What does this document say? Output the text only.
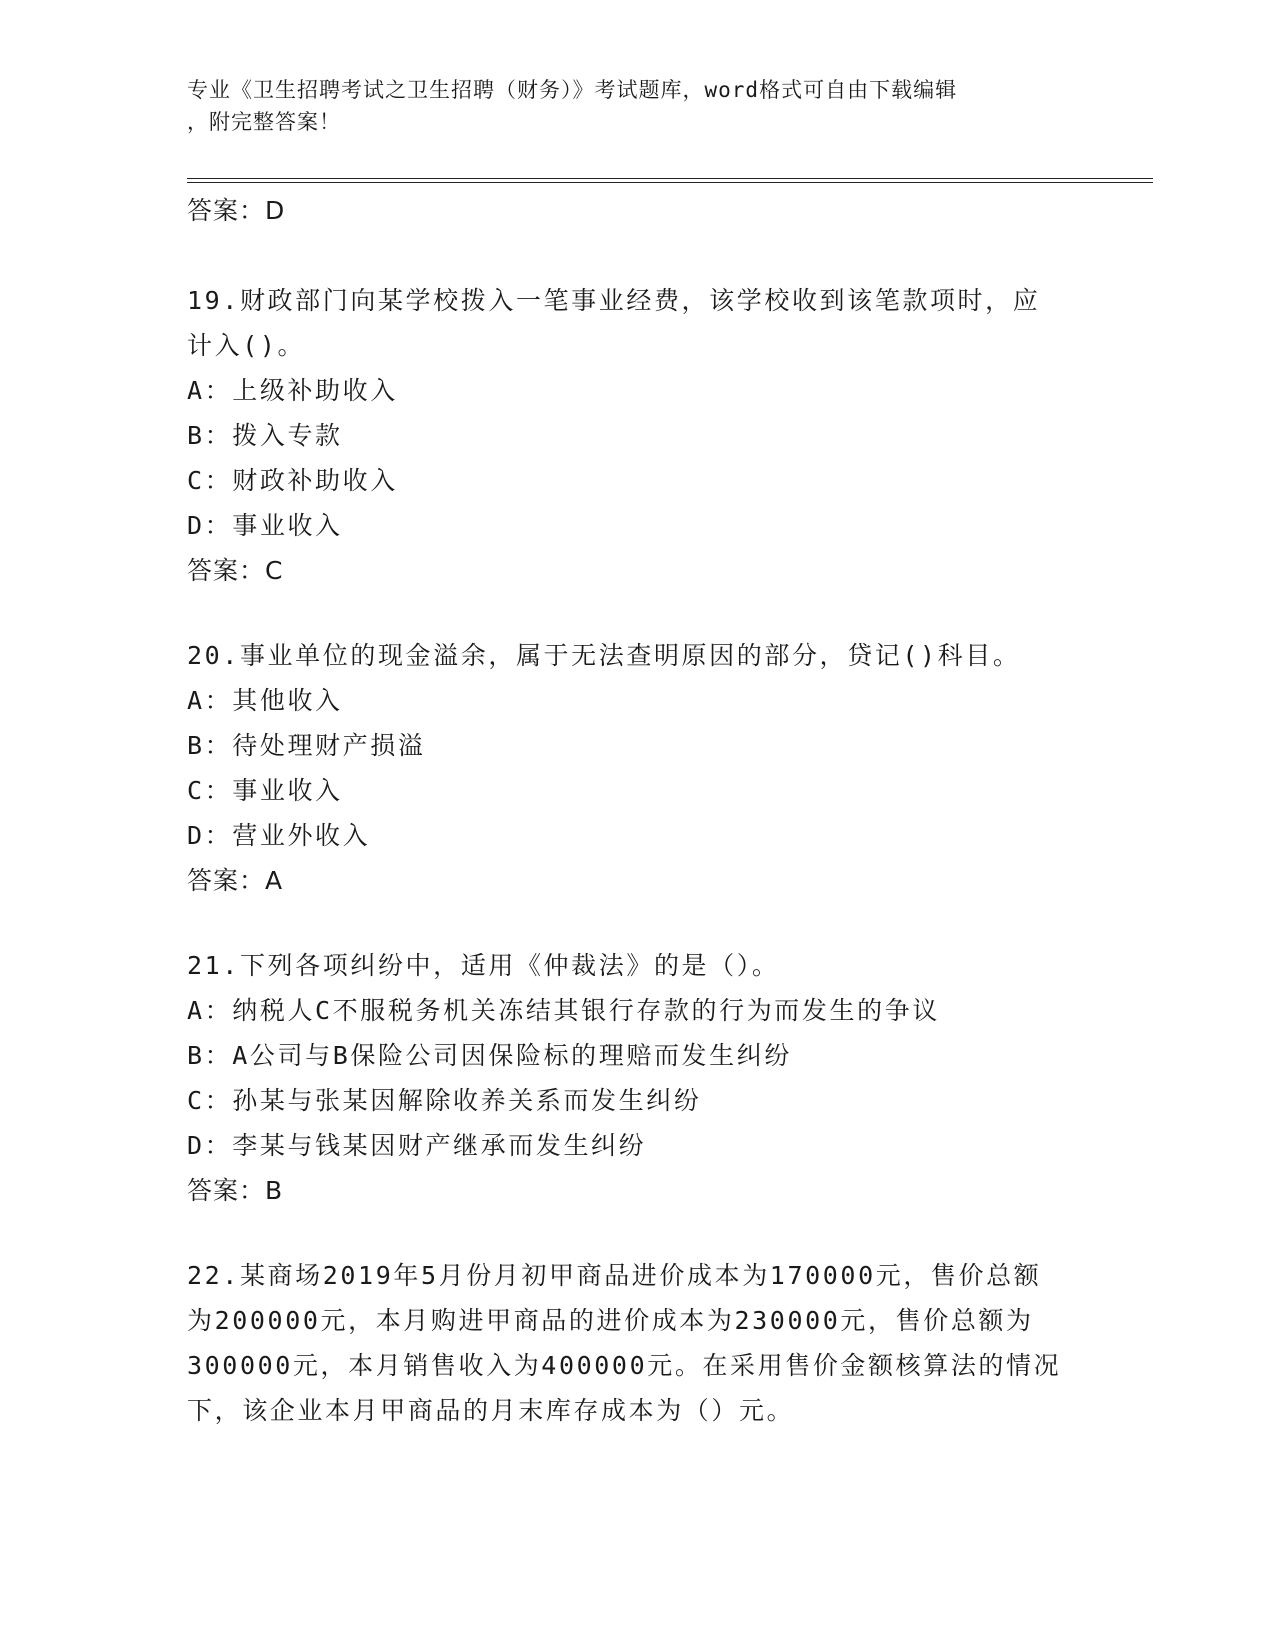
专业《卫生招聘考试之卫生招聘（财务）》考试题库，word格式可自由下载编辑
，附完整答案！
答案：D
19.财政部门向某学校拨入一笔事业经费，该学校收到该笔款项时，应
计入()。
A：上级补助收入
B：拨入专款
C：财政补助收入
D：事业收入
答案：C
20.事业单位的现金溢余，属于无法查明原因的部分，贷记()科目。
A：其他收入
B：待处理财产损溢
C：事业收入
D：营业外收入
答案：A
21.下列各项纠纷中，适用《仲裁法》的是（）。
A：纳税人C不服税务机关冻结其银行存款的行为而发生的争议
B：A公司与B保险公司因保险标的理赔而发生纠纷
C：孙某与张某因解除收养关系而发生纠纷
D：李某与钱某因财产继承而发生纠纷
答案：B
22.某商场2019年5月份月初甲商品进价成本为170000元，售价总额
为200000元，本月购进甲商品的进价成本为230000元，售价总额为
300000元，本月销售收入为400000元。在采用售价金额核算法的情况
下，该企业本月甲商品的月末库存成本为（）元。
